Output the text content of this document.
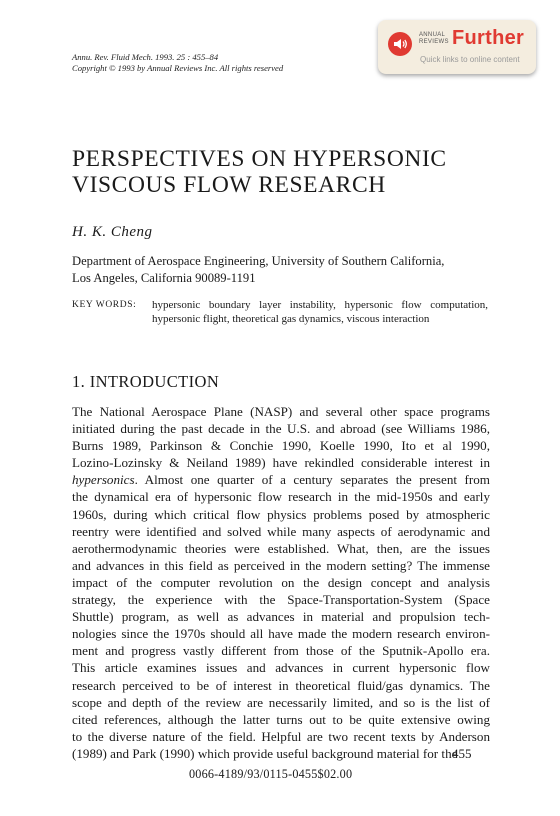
Annu. Rev. Fluid Mech. 1993. 25 : 455–84
Copyright © 1993 by Annual Reviews Inc. All rights reserved
ANNUAL
REVIEWS Further
Quick links to online content
PERSPECTIVES ON HYPERSONIC
VISCOUS FLOW RESEARCH
H. K. Cheng
Department of Aerospace Engineering, University of Southern California,
Los Angeles, California 90089-1191
KEY WORDS: hypersonic boundary layer instability, hypersonic flow computation, hypersonic flight, theoretical gas dynamics, viscous interaction
1. INTRODUCTION
The National Aerospace Plane (NASP) and several other space programs
initiated during the past decade in the U.S. and abroad (see Williams 1986,
Burns 1989, Parkinson & Conchie 1990, Koelle 1990, Ito et al 1990,
Lozino-Lozinsky & Neiland 1989) have rekindled considerable interest in
hypersonics. Almost one quarter of a century separates the present from
the dynamical era of hypersonic flow research in the mid-1950s and early
1960s, during which critical flow physics problems posed by atmospheric
reentry were identified and solved while many aspects of aerodynamic and
aerothermodynamic theories were established. What, then, are the issues
and advances in this field as perceived in the modern setting? The immense
impact of the computer revolution on the design concept and analysis
strategy, the experience with the Space-Transportation-System (Space
Shuttle) program, as well as advances in material and propulsion tech-
nologies since the 1970s should all have made the modern research environ-
ment and progress vastly different from those of the Sputnik-Apollo era.
This article examines issues and advances in current hypersonic flow
research perceived to be of interest in theoretical fluid/gas dynamics. The
scope and depth of the review are necessarily limited, and so is the list of
cited references, although the latter turns out to be quite extensive owing
to the diverse nature of the field. Helpful are two recent texts by Anderson
(1989) and Park (1990) which provide useful background material for the
455
0066-4189/93/0115-0455$02.00
